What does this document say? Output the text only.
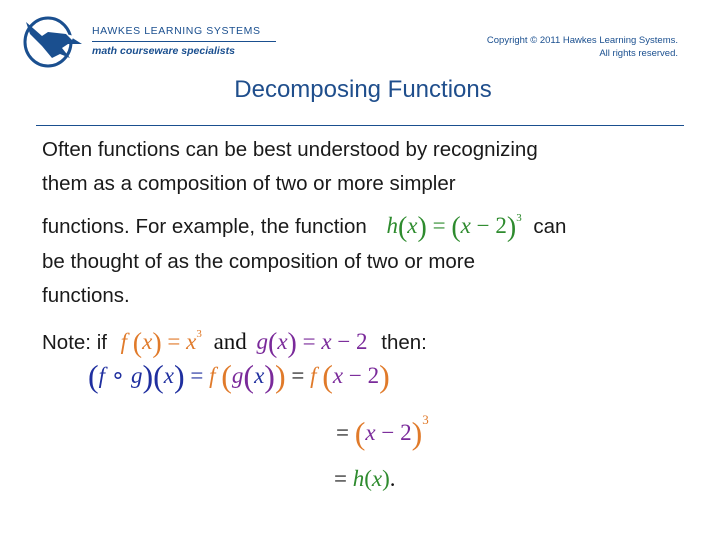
HAWKES LEARNING SYSTEMS
math courseware specialists
Copyright © 2011 Hawkes Learning Systems.
All rights reserved.
Decomposing Functions
Often functions can be best understood by recognizing
them as a composition of two or more simpler
functions. For example, the function $h(x) = (x - 2)^3$ can
be thought of as the composition of two or more
functions.
Note: if f $(x) = x^3$ and g(x) = x − 2 then:
(f ∘ g)(x) = f (g(x)) = f (x − 2)
= $(x - 2)^3$
= h(x).
